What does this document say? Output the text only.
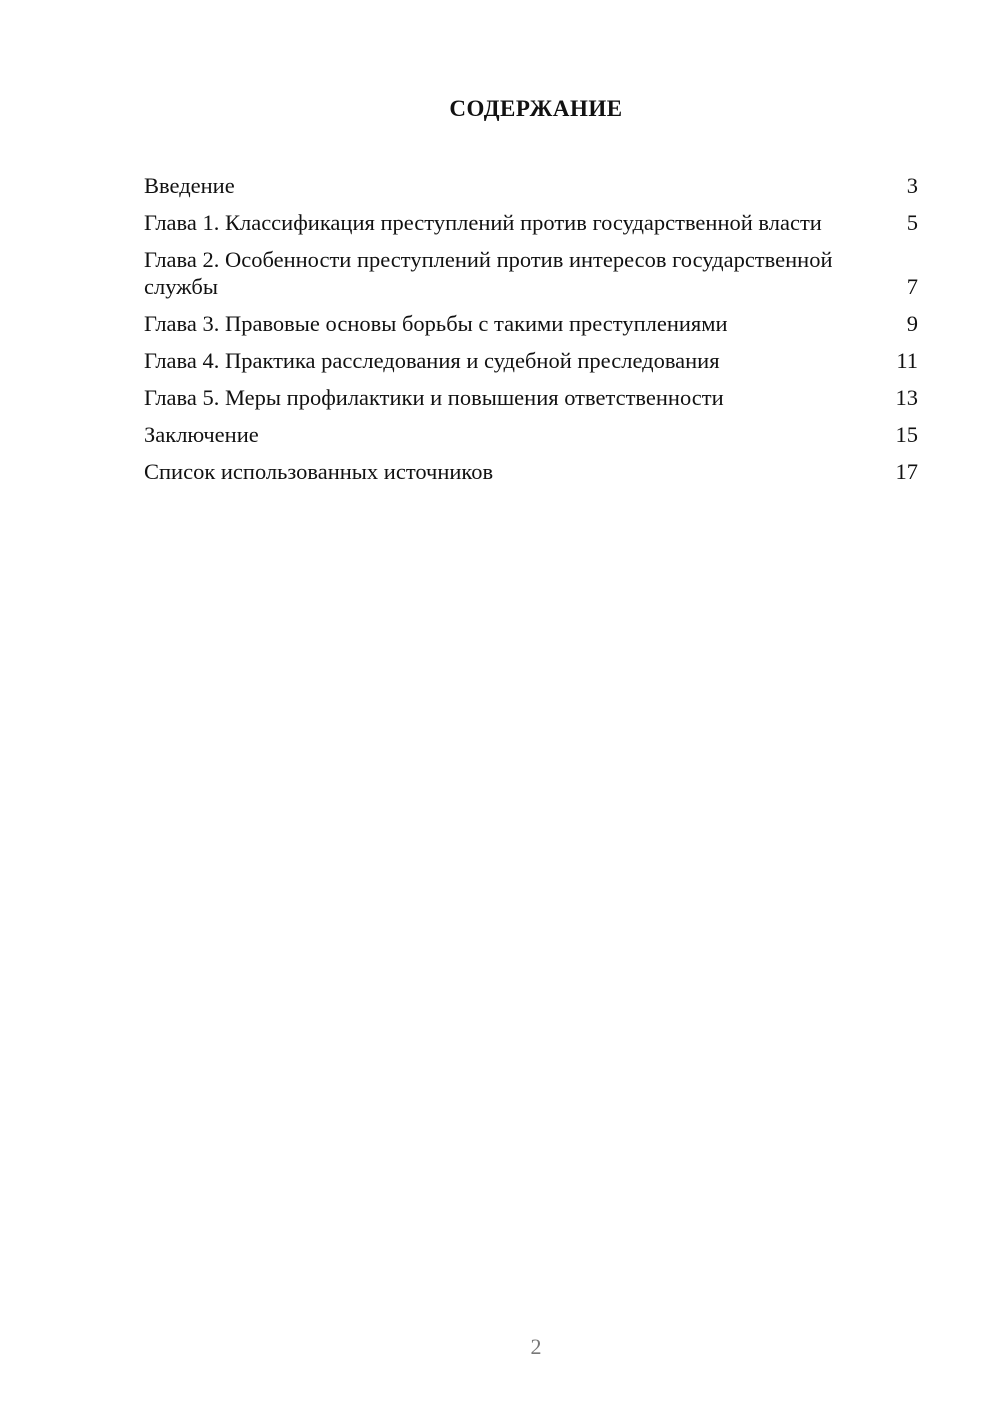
СОДЕРЖАНИЕ
Введение	3
Глава 1. Классификация преступлений против государственной власти	5
Глава 2. Особенности преступлений против интересов государственной службы	7
Глава 3. Правовые основы борьбы с такими преступлениями	9
Глава 4. Практика расследования и судебной преследования	11
Глава 5. Меры профилактики и повышения ответственности	13
Заключение	15
Список использованных источников	17
2
